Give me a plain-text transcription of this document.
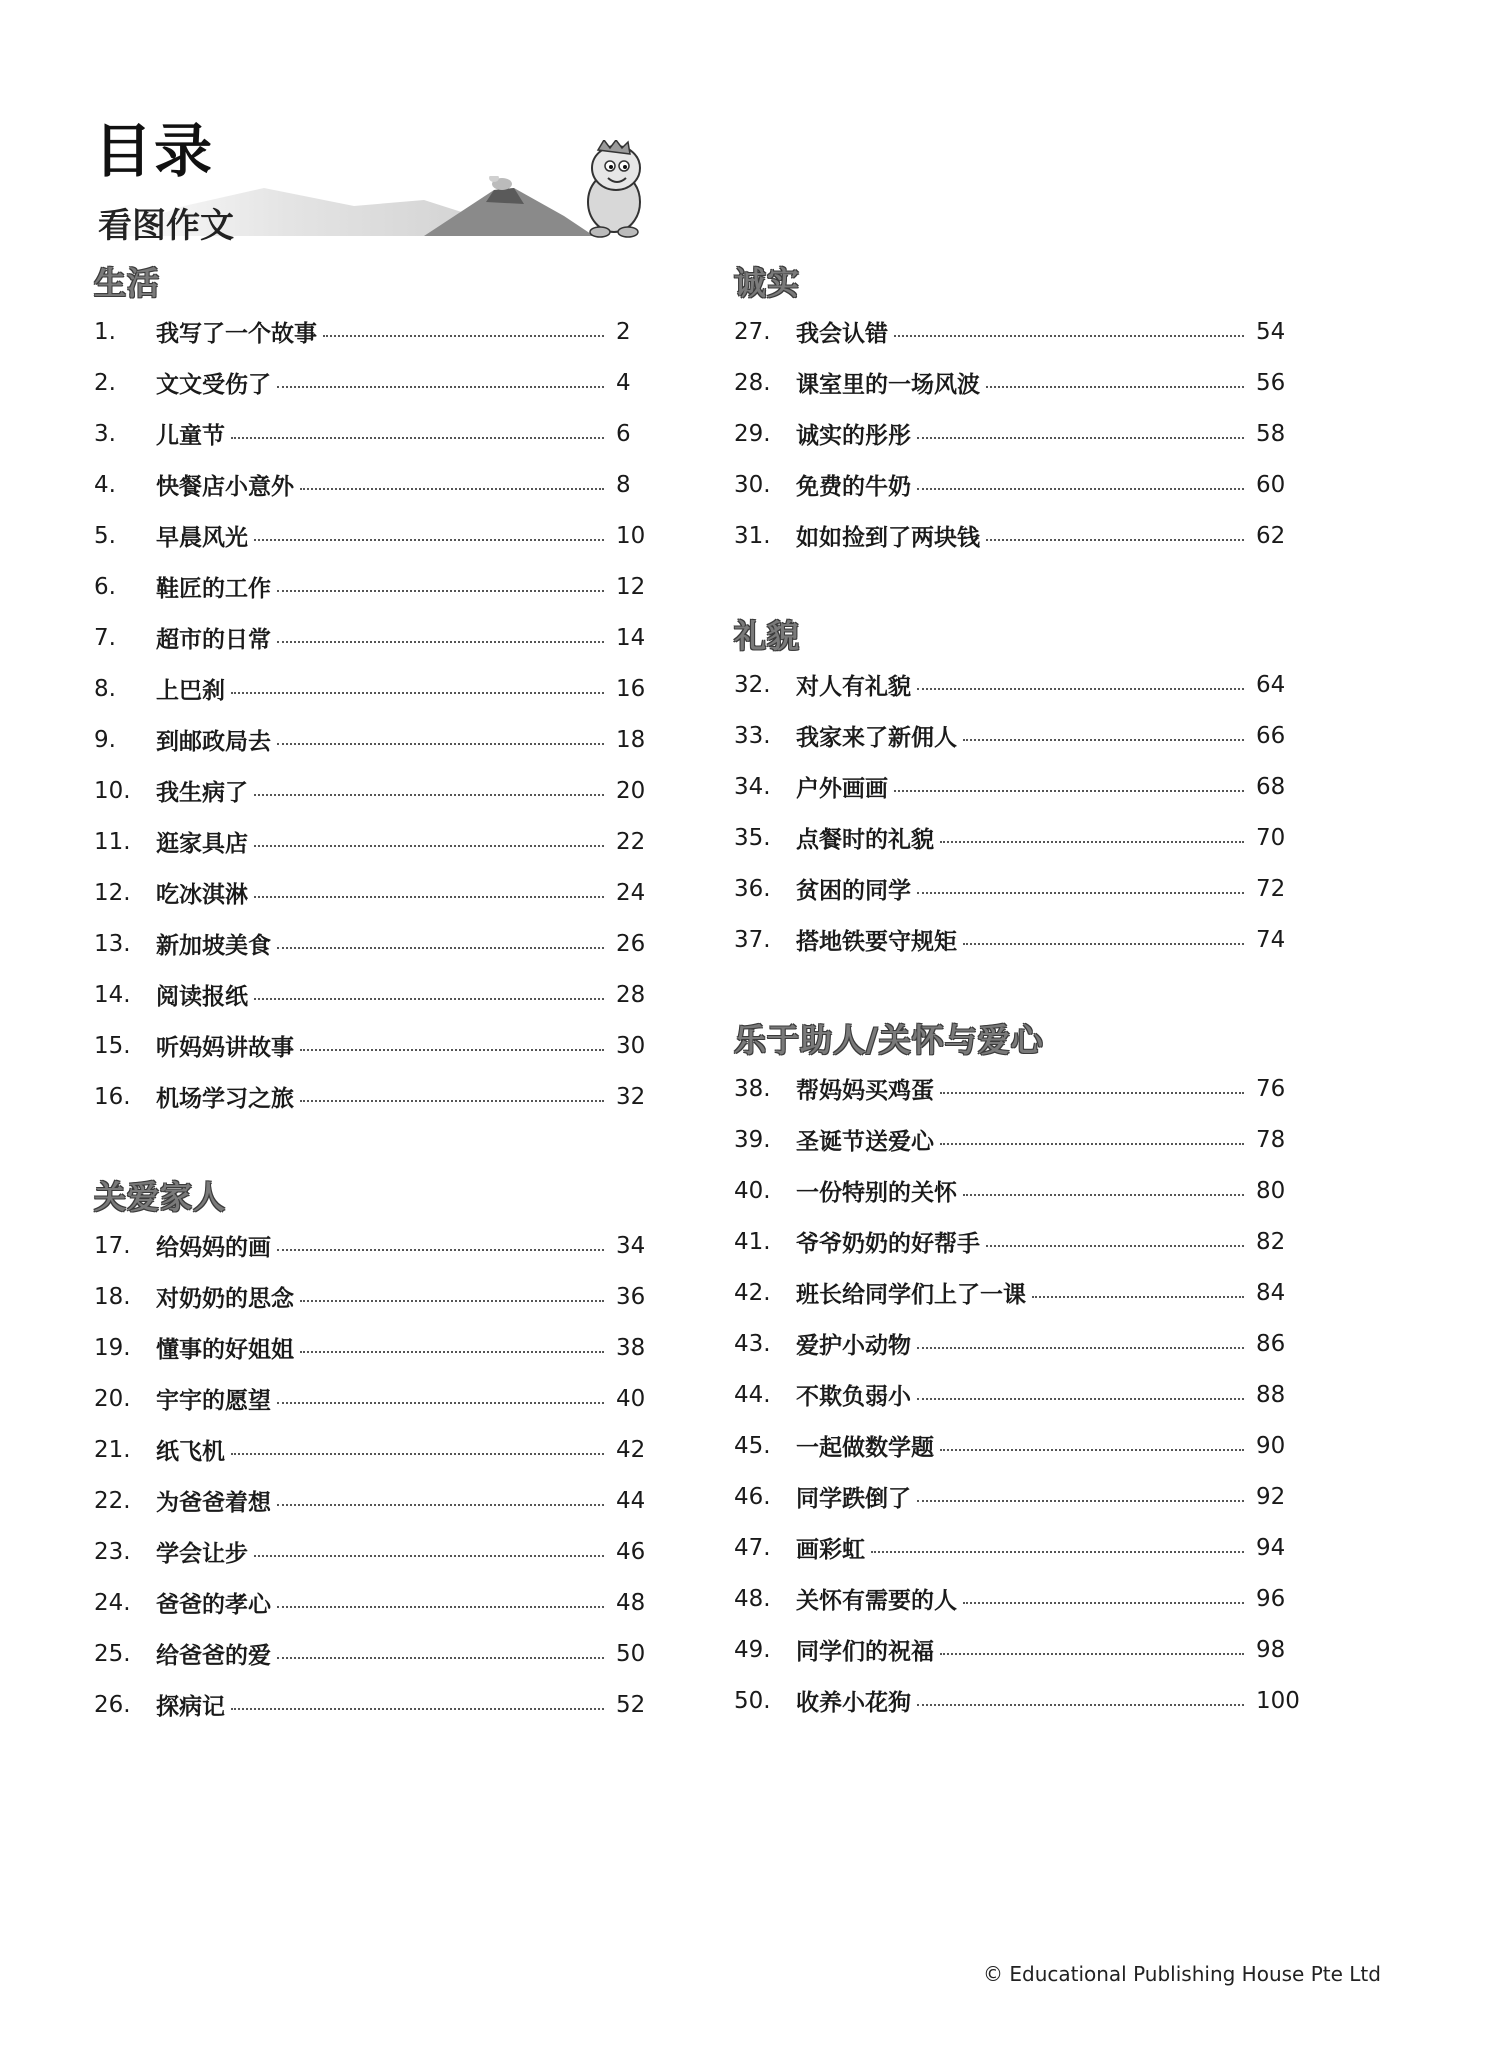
目录
看图作文
生活
1.	我写了一个故事	2
2.	文文受伤了	4
3.	儿童节	6
4.	快餐店小意外	8
5.	早晨风光	10
6.	鞋匠的工作	12
7.	超市的日常	14
8.	上巴刹	16
9.	到邮政局去	18
10.	我生病了	20
11.	逛家具店	22
12.	吃冰淇淋	24
13.	新加坡美食	26
14.	阅读报纸	28
15.	听妈妈讲故事	30
16.	机场学习之旅	32
关爱家人
17.	给妈妈的画	34
18.	对奶奶的思念	36
19.	懂事的好姐姐	38
20.	宇宇的愿望	40
21.	纸飞机	42
22.	为爸爸着想	44
23.	学会让步	46
24.	爸爸的孝心	48
25.	给爸爸的爱	50
26.	探病记	52
诚实
27.	我会认错	54
28.	课室里的一场风波	56
29.	诚实的彤彤	58
30.	免费的牛奶	60
31.	如如捡到了两块钱	62
礼貌
32.	对人有礼貌	64
33.	我家来了新佣人	66
34.	户外画画	68
35.	点餐时的礼貌	70
36.	贫困的同学	72
37.	搭地铁要守规矩	74
乐于助人/关怀与爱心
38.	帮妈妈买鸡蛋	76
39.	圣诞节送爱心	78
40.	一份特别的关怀	80
41.	爷爷奶奶的好帮手	82
42.	班长给同学们上了一课	84
43.	爱护小动物	86
44.	不欺负弱小	88
45.	一起做数学题	90
46.	同学跌倒了	92
47.	画彩虹	94
48.	关怀有需要的人	96
49.	同学们的祝福	98
50.	收养小花狗	100
© Educational Publishing House Pte Ltd
